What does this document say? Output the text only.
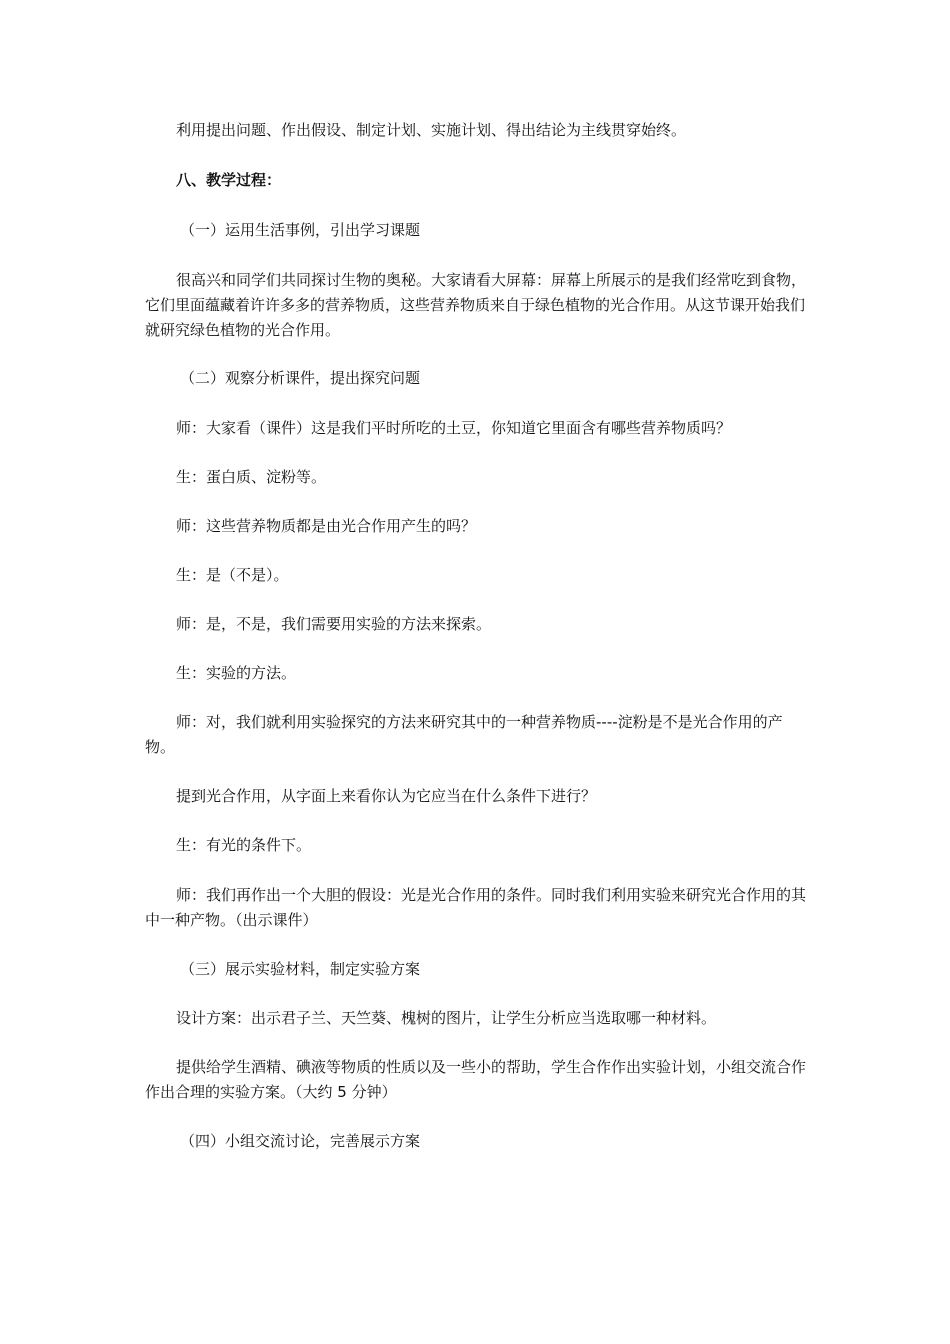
利用提出问题、作出假设、制定计划、实施计划、得出结论为主线贯穿始终。

八、教学过程：

（一）运用生活事例，引出学习课题

很高兴和同学们共同探讨生物的奥秘。大家请看大屏幕：屏幕上所展示的是我们经常吃到食物，它们里面蕴藏着许许多多的营养物质，这些营养物质来自于绿色植物的光合作用。从这节课开始我们就研究绿色植物的光合作用。

（二）观察分析课件，提出探究问题

师：大家看（课件）这是我们平时所吃的土豆，你知道它里面含有哪些营养物质吗？

生：蛋白质、淀粉等。

师：这些营养物质都是由光合作用产生的吗？

生：是（不是）。

师：是，不是，我们需要用实验的方法来探索。

生：实验的方法。

师：对，我们就利用实验探究的方法来研究其中的一种营养物质----淀粉是不是光合作用的产物。

提到光合作用，从字面上来看你认为它应当在什么条件下进行？

生：有光的条件下。

师：我们再作出一个大胆的假设：光是光合作用的条件。同时我们利用实验来研究光合作用的其中一种产物。（出示课件）

（三）展示实验材料，制定实验方案

设计方案：出示君子兰、天竺葵、槐树的图片，让学生分析应当选取哪一种材料。

提供给学生酒精、碘液等物质的性质以及一些小的帮助，学生合作作出实验计划，小组交流合作作出合理的实验方案。（大约 5 分钟）

（四）小组交流讨论，完善展示方案
